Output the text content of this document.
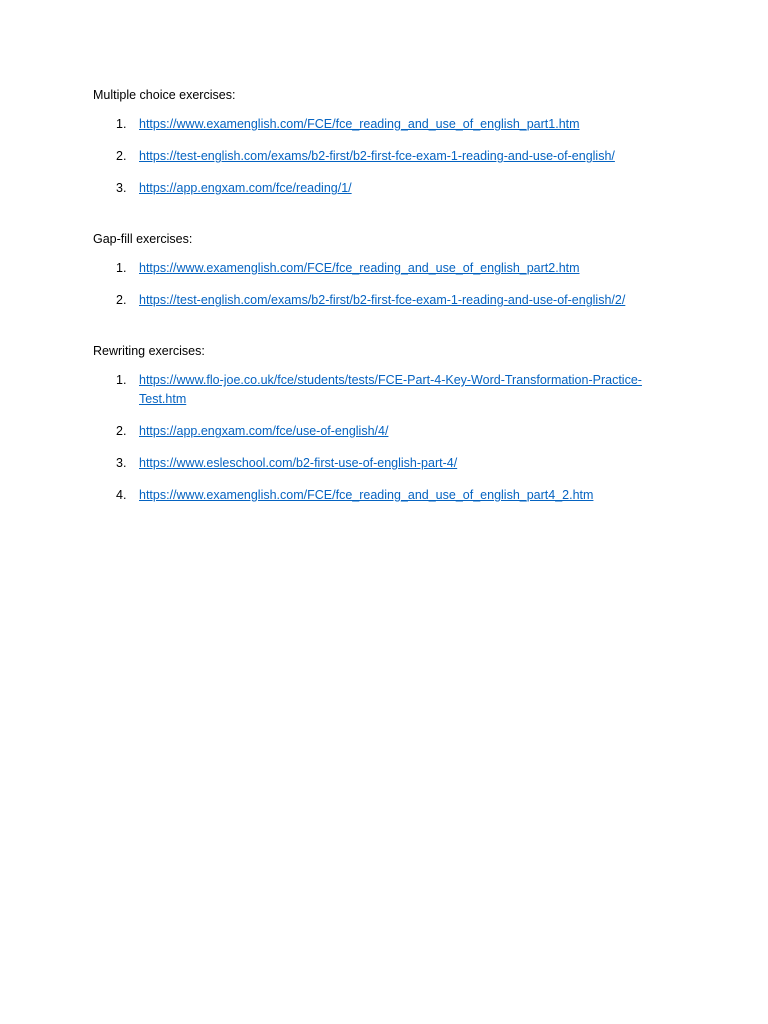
Multiple choice exercises:
1. https://www.examenglish.com/FCE/fce_reading_and_use_of_english_part1.htm
2. https://test-english.com/exams/b2-first/b2-first-fce-exam-1-reading-and-use-of-english/
3. https://app.engxam.com/fce/reading/1/
Gap-fill exercises:
1. https://www.examenglish.com/FCE/fce_reading_and_use_of_english_part2.htm
2. https://test-english.com/exams/b2-first/b2-first-fce-exam-1-reading-and-use-of-english/2/
Rewriting exercises:
1. https://www.flo-joe.co.uk/fce/students/tests/FCE-Part-4-Key-Word-Transformation-Practice-Test.htm
2. https://app.engxam.com/fce/use-of-english/4/
3. https://www.esleschool.com/b2-first-use-of-english-part-4/
4. https://www.examenglish.com/FCE/fce_reading_and_use_of_english_part4_2.htm
